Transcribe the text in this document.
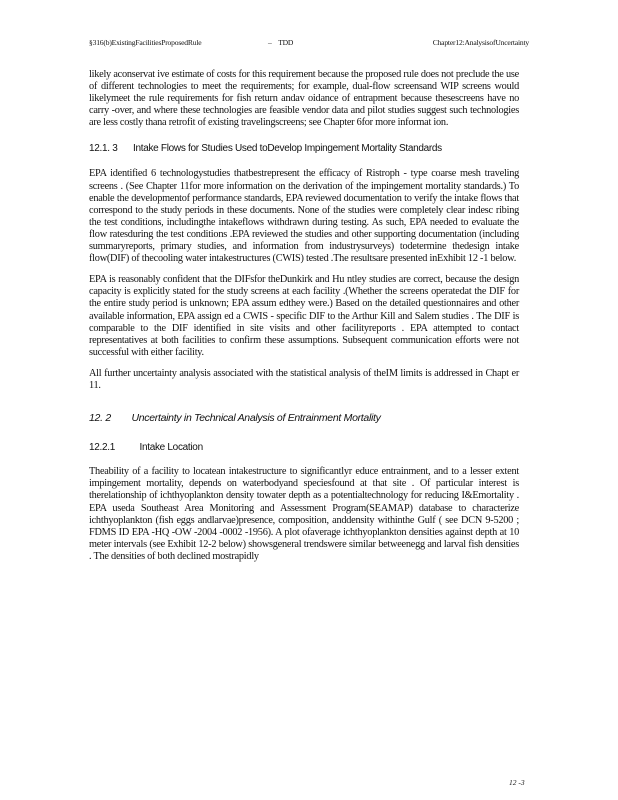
§316(b)ExistingFacilitiesProposedRule	–
TDD	Chapter12:AnalysisofUncertainty

likely aconservat ive estimate of costs for this requirement because the proposed rule does not preclude the use of different technologies to meet the requirements; for example, dual-flow screensand WIP screens would likelymeet the rule requirements for fish return andav oidance of entrapment because thesescreens have no carry -over, and where these technologies are feasible vendor data and pilot studies suggest such technologies are less costly thana retrofit of existing travelingscreens; see Chapter 6for more informat ion.

12.1. 3	Intake Flows for Studies Used toDevelop Impingement Mortality Standards

EPA identified 6 technologystudies thatbestrepresent the efficacy of Ristroph - type coarse mesh traveling screens . (See Chapter 11for more information on the derivation of the impingement mortality standards.) To enable the developmentof performance standards, EPA reviewed documentation to verify the intake flows that correspond to the study periods in these documents. None of the studies were completely clear indesc ribing the test conditions, includingthe intakeflows withdrawn during testing. As such, EPA needed to evaluate the flow ratesduring the test conditions .EPA reviewed the studies and other supporting documentation (including summaryreports, primary studies, and information from industrysurveys) todetermine thedesign intake flow(DIF) of thecooling water intakestructures (CWIS) tested .The resultsare presented inExhibit 12 -1 below.

EPA is reasonably confident that the DIFsfor theDunkirk and Hu ntley studies are correct, because the design capacity is explicitly stated for the study screens at each facility .(Whether the screens operatedat the DIF for the entire study period is unknown; EPA assum edthey were.) Based on the detailed questionnaires and other available information, EPA assign ed a CWIS - specific DIF to the Arthur Kill and Salem studies . The DIF is comparable to the DIF identified in site visits and other facilityreports . EPA attempted to contact representatives at both facilities to confirm these assumptions. Subsequent communication efforts were not successful with either facility.

All further uncertainty analysis associated with the statistical analysis of theIM limits is addressed in Chapt er 11.

12. 2 Uncertainty in Technical Analysis of Entrainment Mortality
12.2.1 Intake Location

Theability of a facility to locatean intakestructure to significantlyr educe entrainment, and to a lesser extent impingement mortality, depends on waterbodyand speciesfound at that site . Of particular interest is therelationship of ichthyoplankton density towater depth as a potentialtechnology for reducing I&Emortality . EPA useda Southeast Area Monitoring and Assessment Program(SEAMAP) database to characterize ichthyoplankton (fish eggs andlarvae)presence, composition, anddensity withinthe Gulf ( see DCN 9-5200 ; FDMS ID EPA -HQ -OW -2004 -0002 -1956). A plot ofaverage ichthyoplankton densities against depth at 10 meter intervals (see Exhibit 12-2 below) showsgeneral trendswere similar betweenegg and larval fish densities . The densities of both declined mostrapidly

12 -3
